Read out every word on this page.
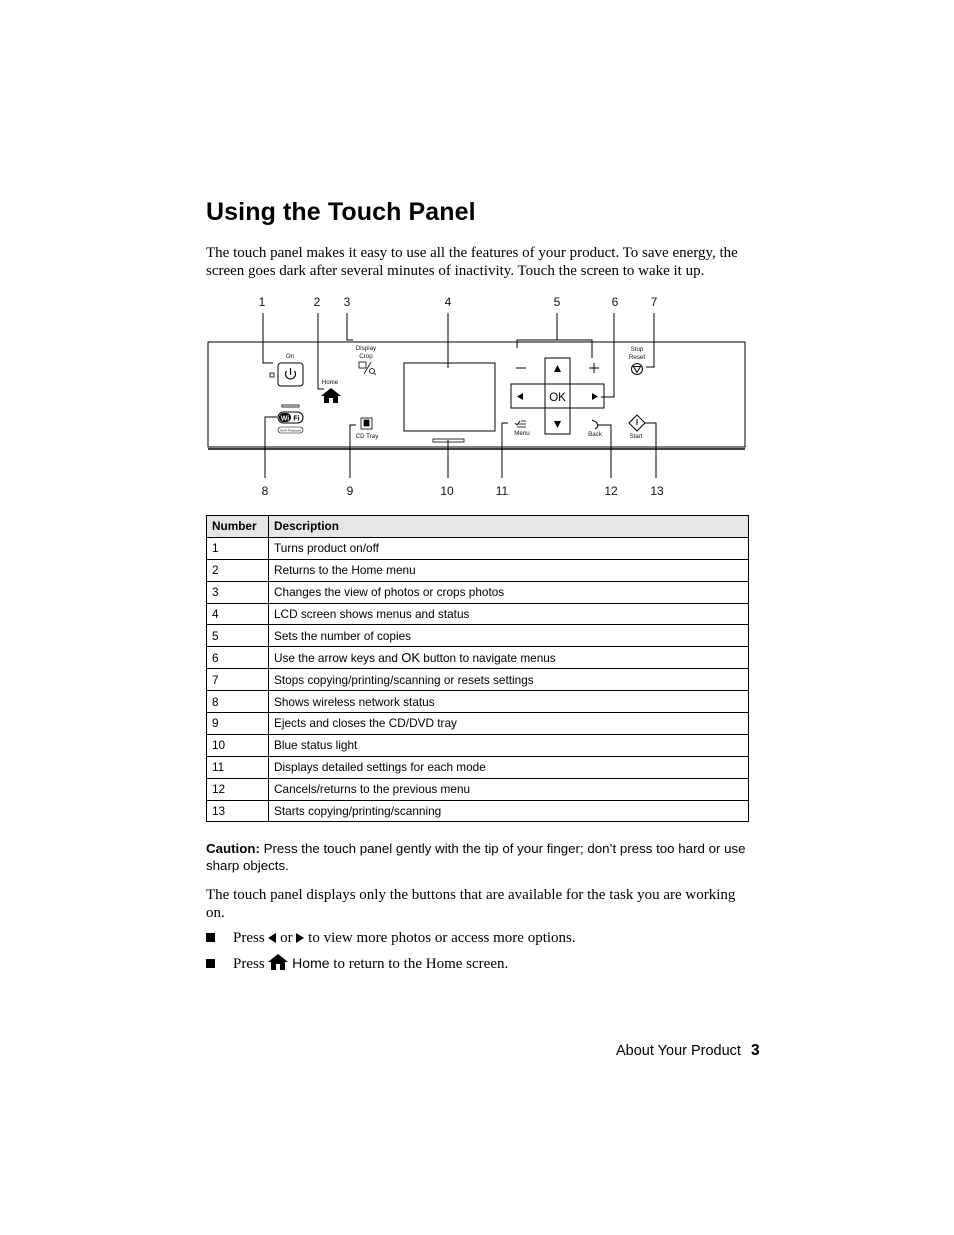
Using the Touch Panel
The touch panel makes it easy to use all the features of your product. To save energy, the screen goes dark after several minutes of inactivity. Touch the screen to wake it up.
1	2 3	4	5	6	7
8	9	10	11	12	13
On
Home
Display
Crop
OK
Stop
Reset
Wi Fi
Wi-Fi Protected
CD Tray	Menu	Back	Start
Number	Description
1	Turns product on/off
2	Returns to the Home menu
3	Changes the view of photos or crops photos
4	LCD screen shows menus and status
5	Sets the number of copies
6	Use the arrow keys and OK button to navigate menus
7	Stops copying/printing/scanning or resets settings
8	Shows wireless network status
9	Ejects and closes the CD/DVD tray
10	Blue status light
11	Displays detailed settings for each mode
12	Cancels/returns to the previous menu
13	Starts copying/printing/scanning
Caution: Press the touch panel gently with the tip of your finger; don’t press too hard or use sharp objects.
The touch panel displays only the buttons that are available for the task you are working on.
Press or to view more photos or access more options.
Press Home to return to the Home screen.
About Your Product 3
